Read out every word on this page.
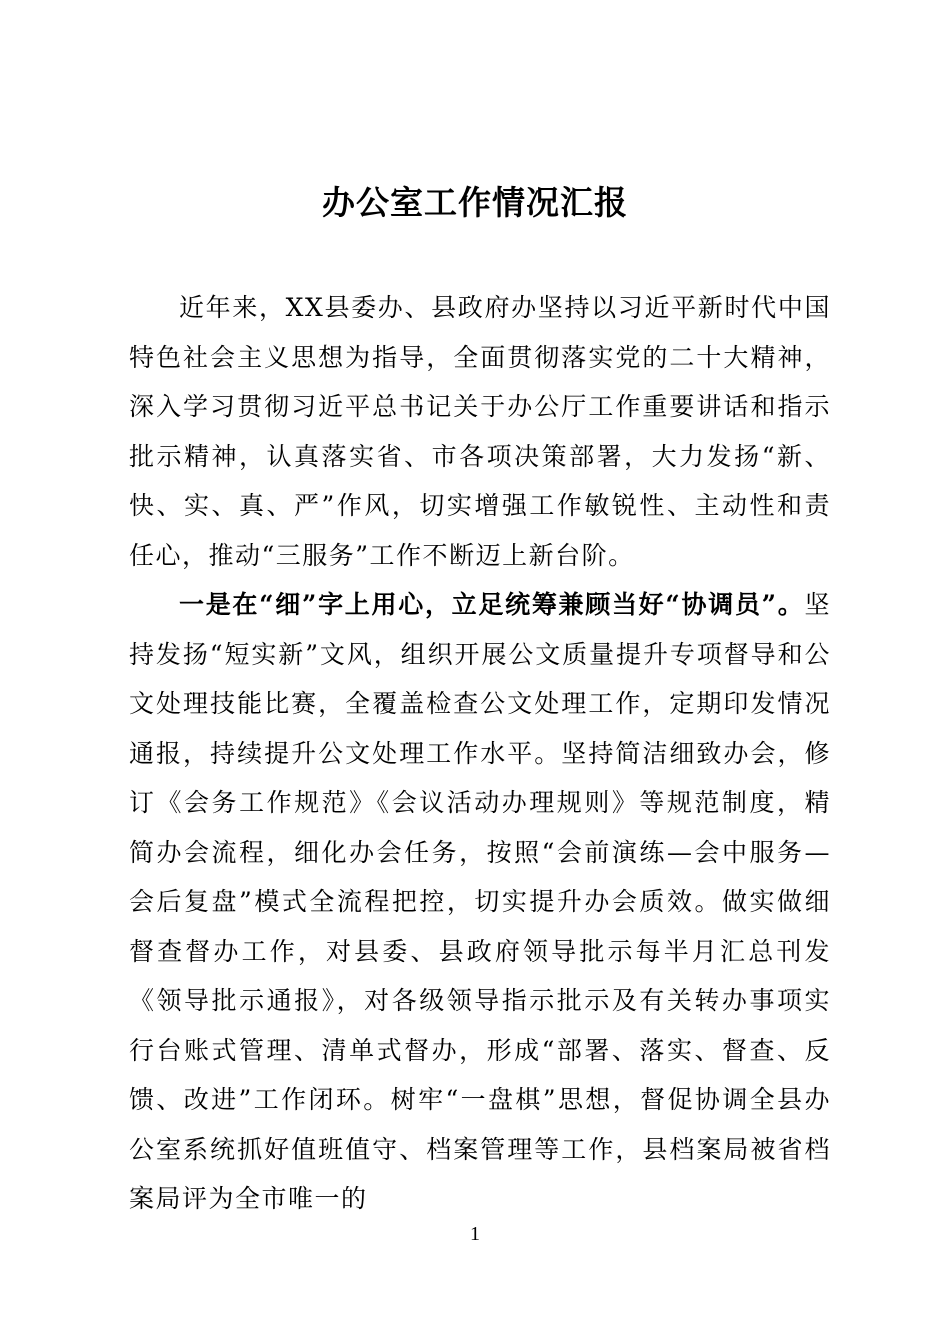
办公室工作情况汇报

近年来，XX县委办、县政府办坚持以习近平新时代中国特色社会主义思想为指导，全面贯彻落实党的二十大精神，深入学习贯彻习近平总书记关于办公厅工作重要讲话和指示批示精神，认真落实省、市各项决策部署，大力发扬“新、快、实、真、严”作风，切实增强工作敏锐性、主动性和责任心，推动“三服务”工作不断迈上新台阶。

一是在“细”字上用心，立足统筹兼顾当好“协调员”。坚持发扬“短实新”文风，组织开展公文质量提升专项督导和公文处理技能比赛，全覆盖检查公文处理工作，定期印发情况通报，持续提升公文处理工作水平。坚持简洁细致办会，修订《会务工作规范》《会议活动办理规则》等规范制度，精简办会流程，细化办会任务，按照“会前演练—会中服务—会后复盘”模式全流程把控，切实提升办会质效。做实做细督查督办工作，对县委、县政府领导批示每半月汇总刊发《领导批示通报》，对各级领导指示批示及有关转办事项实行台账式管理、清单式督办，形成“部署、落实、督查、反馈、改进”工作闭环。树牢“一盘棋”思想，督促协调全县办公室系统抓好值班值守、档案管理等工作，县档案局被省档案局评为全市唯一的

1
